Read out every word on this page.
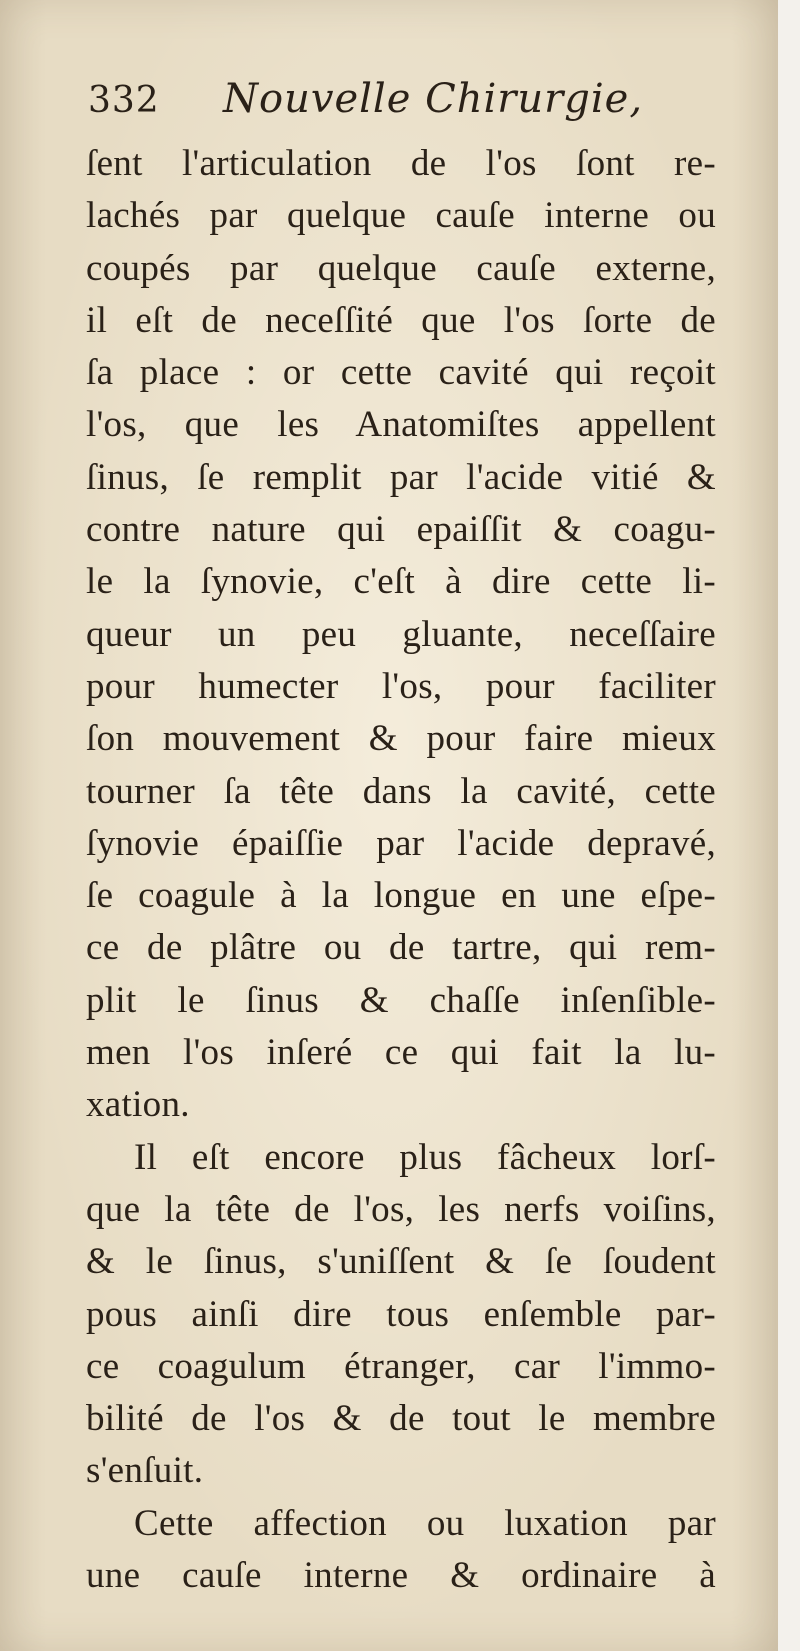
332 Nouvelle Chirurgie,
ſent l'articulation de l'os ſont re-
lachés par quelque cauſe interne ou
coupés par quelque cauſe externe,
il eſt de neceſſité que l'os ſorte de
ſa place : or cette cavité qui reçoit
l'os, que les Anatomiſtes appellent
ſinus, ſe remplit par l'acide vitié &
contre nature qui epaiſſit & coagu-
le la ſynovie, c'eſt à dire cette li-
queur un peu gluante, neceſſaire
pour humecter l'os, pour faciliter
ſon mouvement & pour faire mieux
tourner ſa tête dans la cavité, cette
ſynovie épaiſſie par l'acide depravé,
ſe coagule à la longue en une eſpe-
ce de plâtre ou de tartre, qui rem-
plit le ſinus & chaſſe inſenſible-
men l'os inſeré ce qui fait la lu-
xation.
Il eſt encore plus fâcheux lorſ-
que la tête de l'os, les nerfs voiſins,
& le ſinus, s'uniſſent & ſe ſoudent
pous ainſi dire tous enſemble par-
ce coagulum étranger, car l'immo-
bilité de l'os & de tout le membre
s'enſuit.
Cette affection ou luxation par
une cauſe interne & ordinaire à
